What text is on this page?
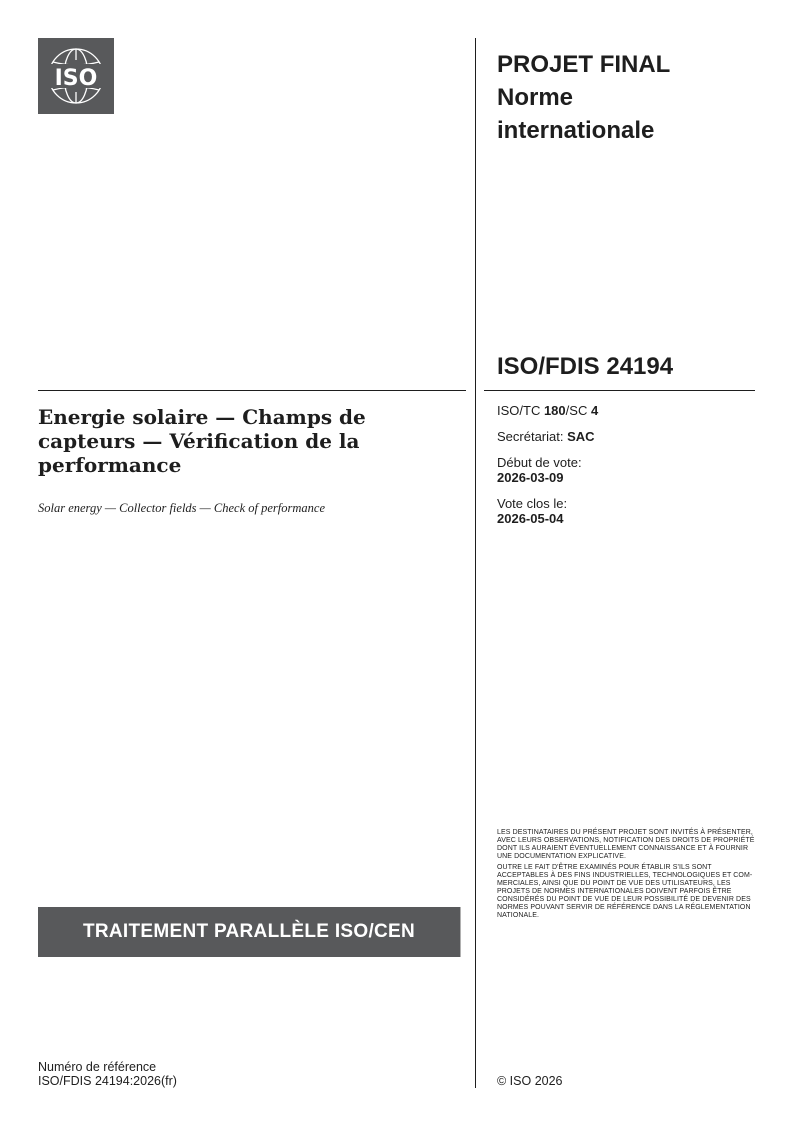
ISO
PROJET FINAL
Norme
internationale
ISO/FDIS 24194
Energie solaire — Champs de capteurs — Vérification de la performance
Solar energy — Collector fields — Check of performance
ISO/TC 180/SC 4
Secrétariat: SAC
Début de vote:
2026-03-09
Vote clos le:
2026-05-04

LES DESTINATAIRES DU PRÉSENT PROJET SONT INVITÉS À PRÉSENTER, AVEC LEURS OBSERVATIONS, NOTIFICATION DES DROITS DE PROPRIÉTÉ DONT ILS AURAIENT ÉVENTUELLEMENT CONNAISSANCE ET À FOURNIR UNE DOCUMENTATION EXPLICATIVE.

OUTRE LE FAIT D'ÊTRE EXAMINÉS POUR ÉTABLIR S'ILS SONT ACCEPTABLES À DES FINS INDUSTRIELLES, TECHNOLOGIQUES ET COM-MERCIALES, AINSI QUE DU POINT DE VUE DES UTILISATEURS, LES PROJETS DE NORMES INTERNATIONALES DOIVENT PARFOIS ÊTRE CONSIDÉRÉS DU POINT DE VUE DE LEUR POSSIBILITÉ DE DEVENIR DES NORMES POUVANT SERVIR DE RÉFÉRENCE DANS LA RÉGLEMENTATION NATIONALE.

TRAITEMENT PARALLÈLE ISO/CEN
Numéro de référence
ISO/FDIS 24194:2026(fr)	© ISO 2026
